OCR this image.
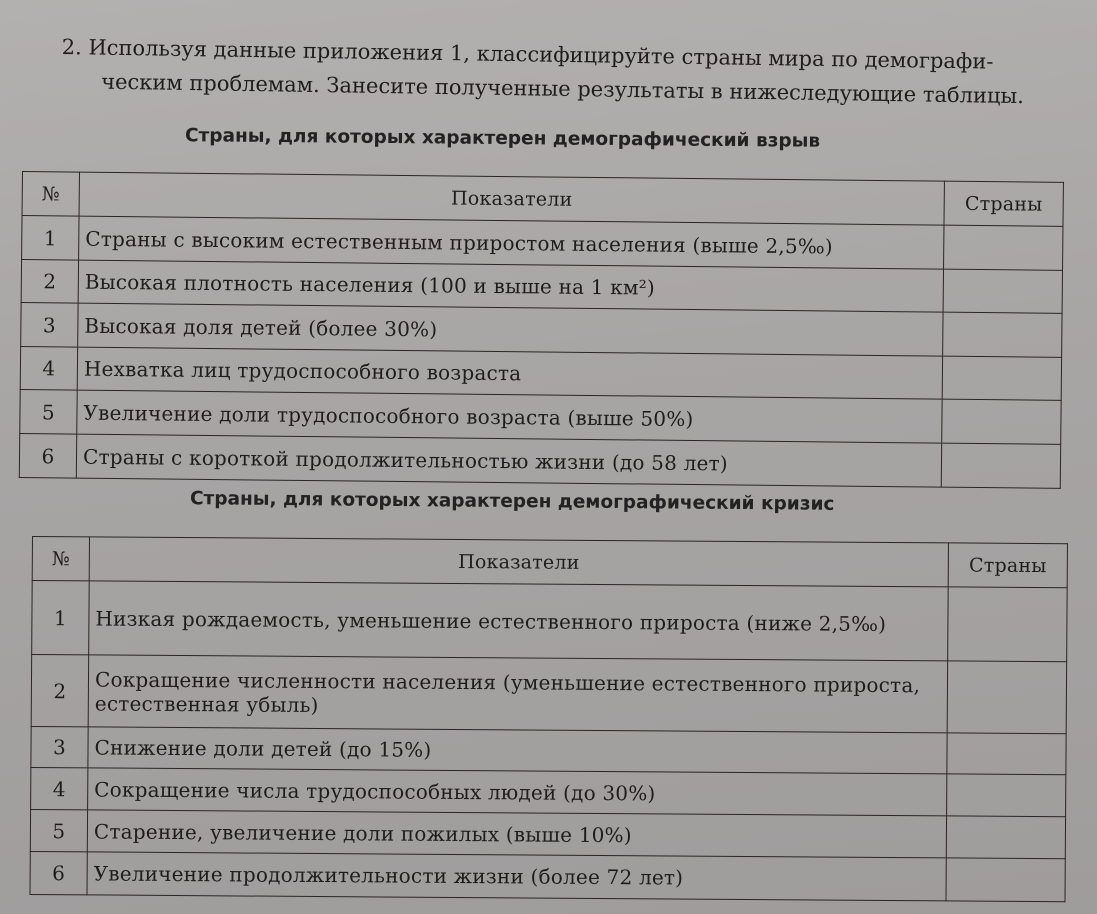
2. Используя данные приложения 1, классифицируйте страны мира по демографи-
ческим проблемам. Занесите полученные результаты в нижеследующие таблицы.
Страны, для которых характерен демографический взрыв
№	Показатели	Страны
1	Страны с высоким естественным приростом населения (выше 2,5‰)	
2	Высокая плотность населения (100 и выше на 1 км²)	
3	Высокая доля детей (более 30%)	
4	Нехватка лиц трудоспособного возраста	
5	Увеличение доли трудоспособного возраста (выше 50%)	
6	Страны с короткой продолжительностью жизни (до 58 лет)	
Страны, для которых характерен демографический кризис
№	Показатели	Страны
1	Низкая рождаемость, уменьшение естественного прироста (ниже 2,5‰)	
2	Сокращение численности населения (уменьшение естественного прироста, естественная убыль)	
3	Снижение доли детей (до 15%)	
4	Сокращение числа трудоспособных людей (до 30%)	
5	Старение, увеличение доли пожилых (выше 10%)	
6	Увеличение продолжительности жизни (более 72 лет)	
